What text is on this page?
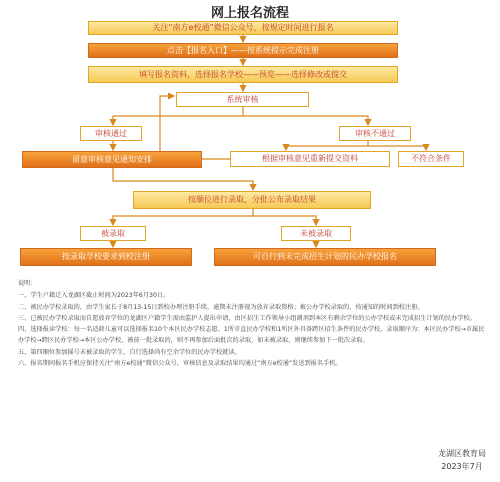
网上报名流程
关注“南方e校通”微信公众号，按规定时间进行报名
点击【报名入口】——按系统提示完成注册
填写报名资料，选择报名学校——预览——选择修改或提交
系统审核
审核通过	审核不通过
留意审核意见通知安排	根据审核意见重新提交资料	不符合条件
按顺位进行录取，分批公布录取结果
被录取	未被录取
按录取学校要求到校注册	可自行到未完成招生计划的民办学校报名

说明：

一、学生户籍迁入龙湖区截止时间为2023年6月30日。

二、被民办学校录取的，由学生家长于8月13-15日到校办理注册手续，逾期未注册视为放弃录取资格；被公办学校录取的，按通知的时间到校注册。

三、已被民办学校录取而自愿放弃学位的龙湖区户籍学生需由监护人提出申请，由区招生工作领导小组调剂到本区有剩余学位的公办学校或未完成招生计划的民办学校。

四、选择报读学校：每一名适龄儿童可以选择报名10个本区民办学校志愿、1所市直民办学校和1所区外具备跨区招生条件的民办学校。录取顺序为：本区民办学校→市属民办学校→跨区民办学校→本区公办学校，被前一批录取的，则不再参加后面批次的录取，如未被录取，则继续参加下一批次录取。

五、第四顺位参加摇号未被录取的学生，自行选择尚有空余学位的民办学校就读。

六、报名期间报名手机应保持关注“南方e校通”微信公众号，审核信息及录取结果均通过“南方e校通”发送到报名手机。

龙湖区教育局
2023年7月
